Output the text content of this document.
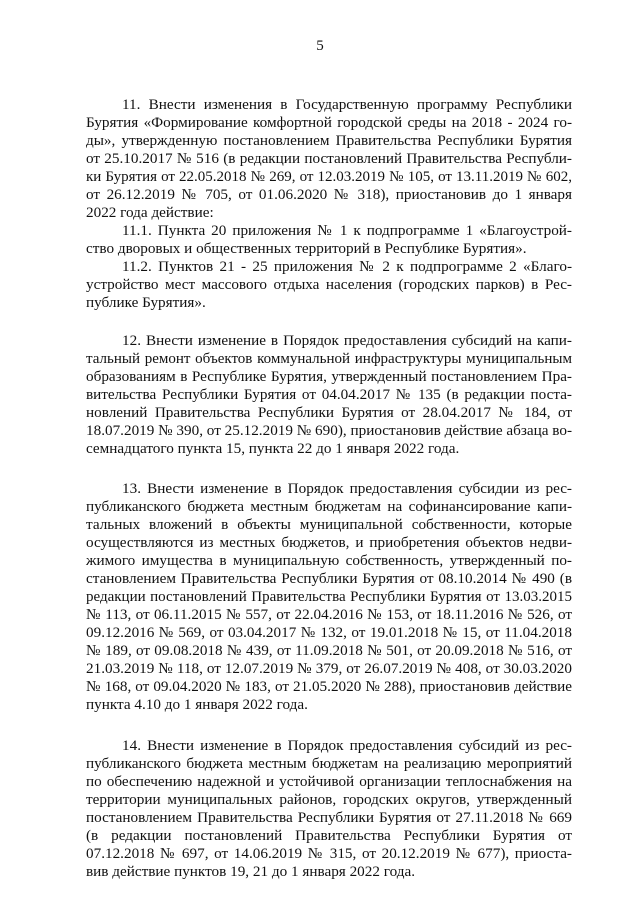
5
11. Внести изменения в Государственную программу Республики
Бурятия «Формирование комфортной городской среды на 2018 - 2024 го-
ды», утвержденную постановлением Правительства Республики Бурятия
от 25.10.2017 № 516 (в редакции постановлений Правительства Республи-
ки Бурятия от 22.05.2018 № 269, от 12.03.2019 № 105, от 13.11.2019 № 602,
от 26.12.2019 № 705, от 01.06.2020 № 318), приостановив до 1 января
2022 года действие:
11.1. Пункта 20 приложения № 1 к подпрограмме 1 «Благоустрой-
ство дворовых и общественных территорий в Республике Бурятия».
11.2. Пунктов 21 - 25 приложения № 2 к подпрограмме 2 «Благо-
устройство мест массового отдыха населения (городских парков) в Рес-
публике Бурятия».
12. Внести изменение в Порядок предоставления субсидий на капи-
тальный ремонт объектов коммунальной инфраструктуры муниципальным
образованиям в Республике Бурятия, утвержденный постановлением Пра-
вительства Республики Бурятия от 04.04.2017 № 135 (в редакции поста-
новлений Правительства Республики Бурятия от 28.04.2017 № 184, от
18.07.2019 № 390, от 25.12.2019 № 690), приостановив действие абзаца во-
семнадцатого пункта 15, пункта 22 до 1 января 2022 года.
13. Внести изменение в Порядок предоставления субсидии из рес-
публиканского бюджета местным бюджетам на софинансирование капи-
тальных вложений в объекты муниципальной собственности, которые
осуществляются из местных бюджетов, и приобретения объектов недви-
жимого имущества в муниципальную собственность, утвержденный по-
становлением Правительства Республики Бурятия от 08.10.2014 № 490 (в
редакции постановлений Правительства Республики Бурятия от 13.03.2015
№ 113, от 06.11.2015 № 557, от 22.04.2016 № 153, от 18.11.2016 № 526, от
09.12.2016 № 569, от 03.04.2017 № 132, от 19.01.2018 № 15, от 11.04.2018
№ 189, от 09.08.2018 № 439, от 11.09.2018 № 501, от 20.09.2018 № 516, от
21.03.2019 № 118, от 12.07.2019 № 379, от 26.07.2019 № 408, от 30.03.2020
№ 168, от 09.04.2020 № 183, от 21.05.2020 № 288), приостановив действие
пункта 4.10 до 1 января 2022 года.
14. Внести изменение в Порядок предоставления субсидий из рес-
публиканского бюджета местным бюджетам на реализацию мероприятий
по обеспечению надежной и устойчивой организации теплоснабжения на
территории муниципальных районов, городских округов, утвержденный
постановлением Правительства Республики Бурятия от 27.11.2018 № 669
(в редакции постановлений Правительства Республики Бурятия от
07.12.2018 № 697, от 14.06.2019 № 315, от 20.12.2019 № 677), приоста-
вив действие пунктов 19, 21 до 1 января 2022 года.
